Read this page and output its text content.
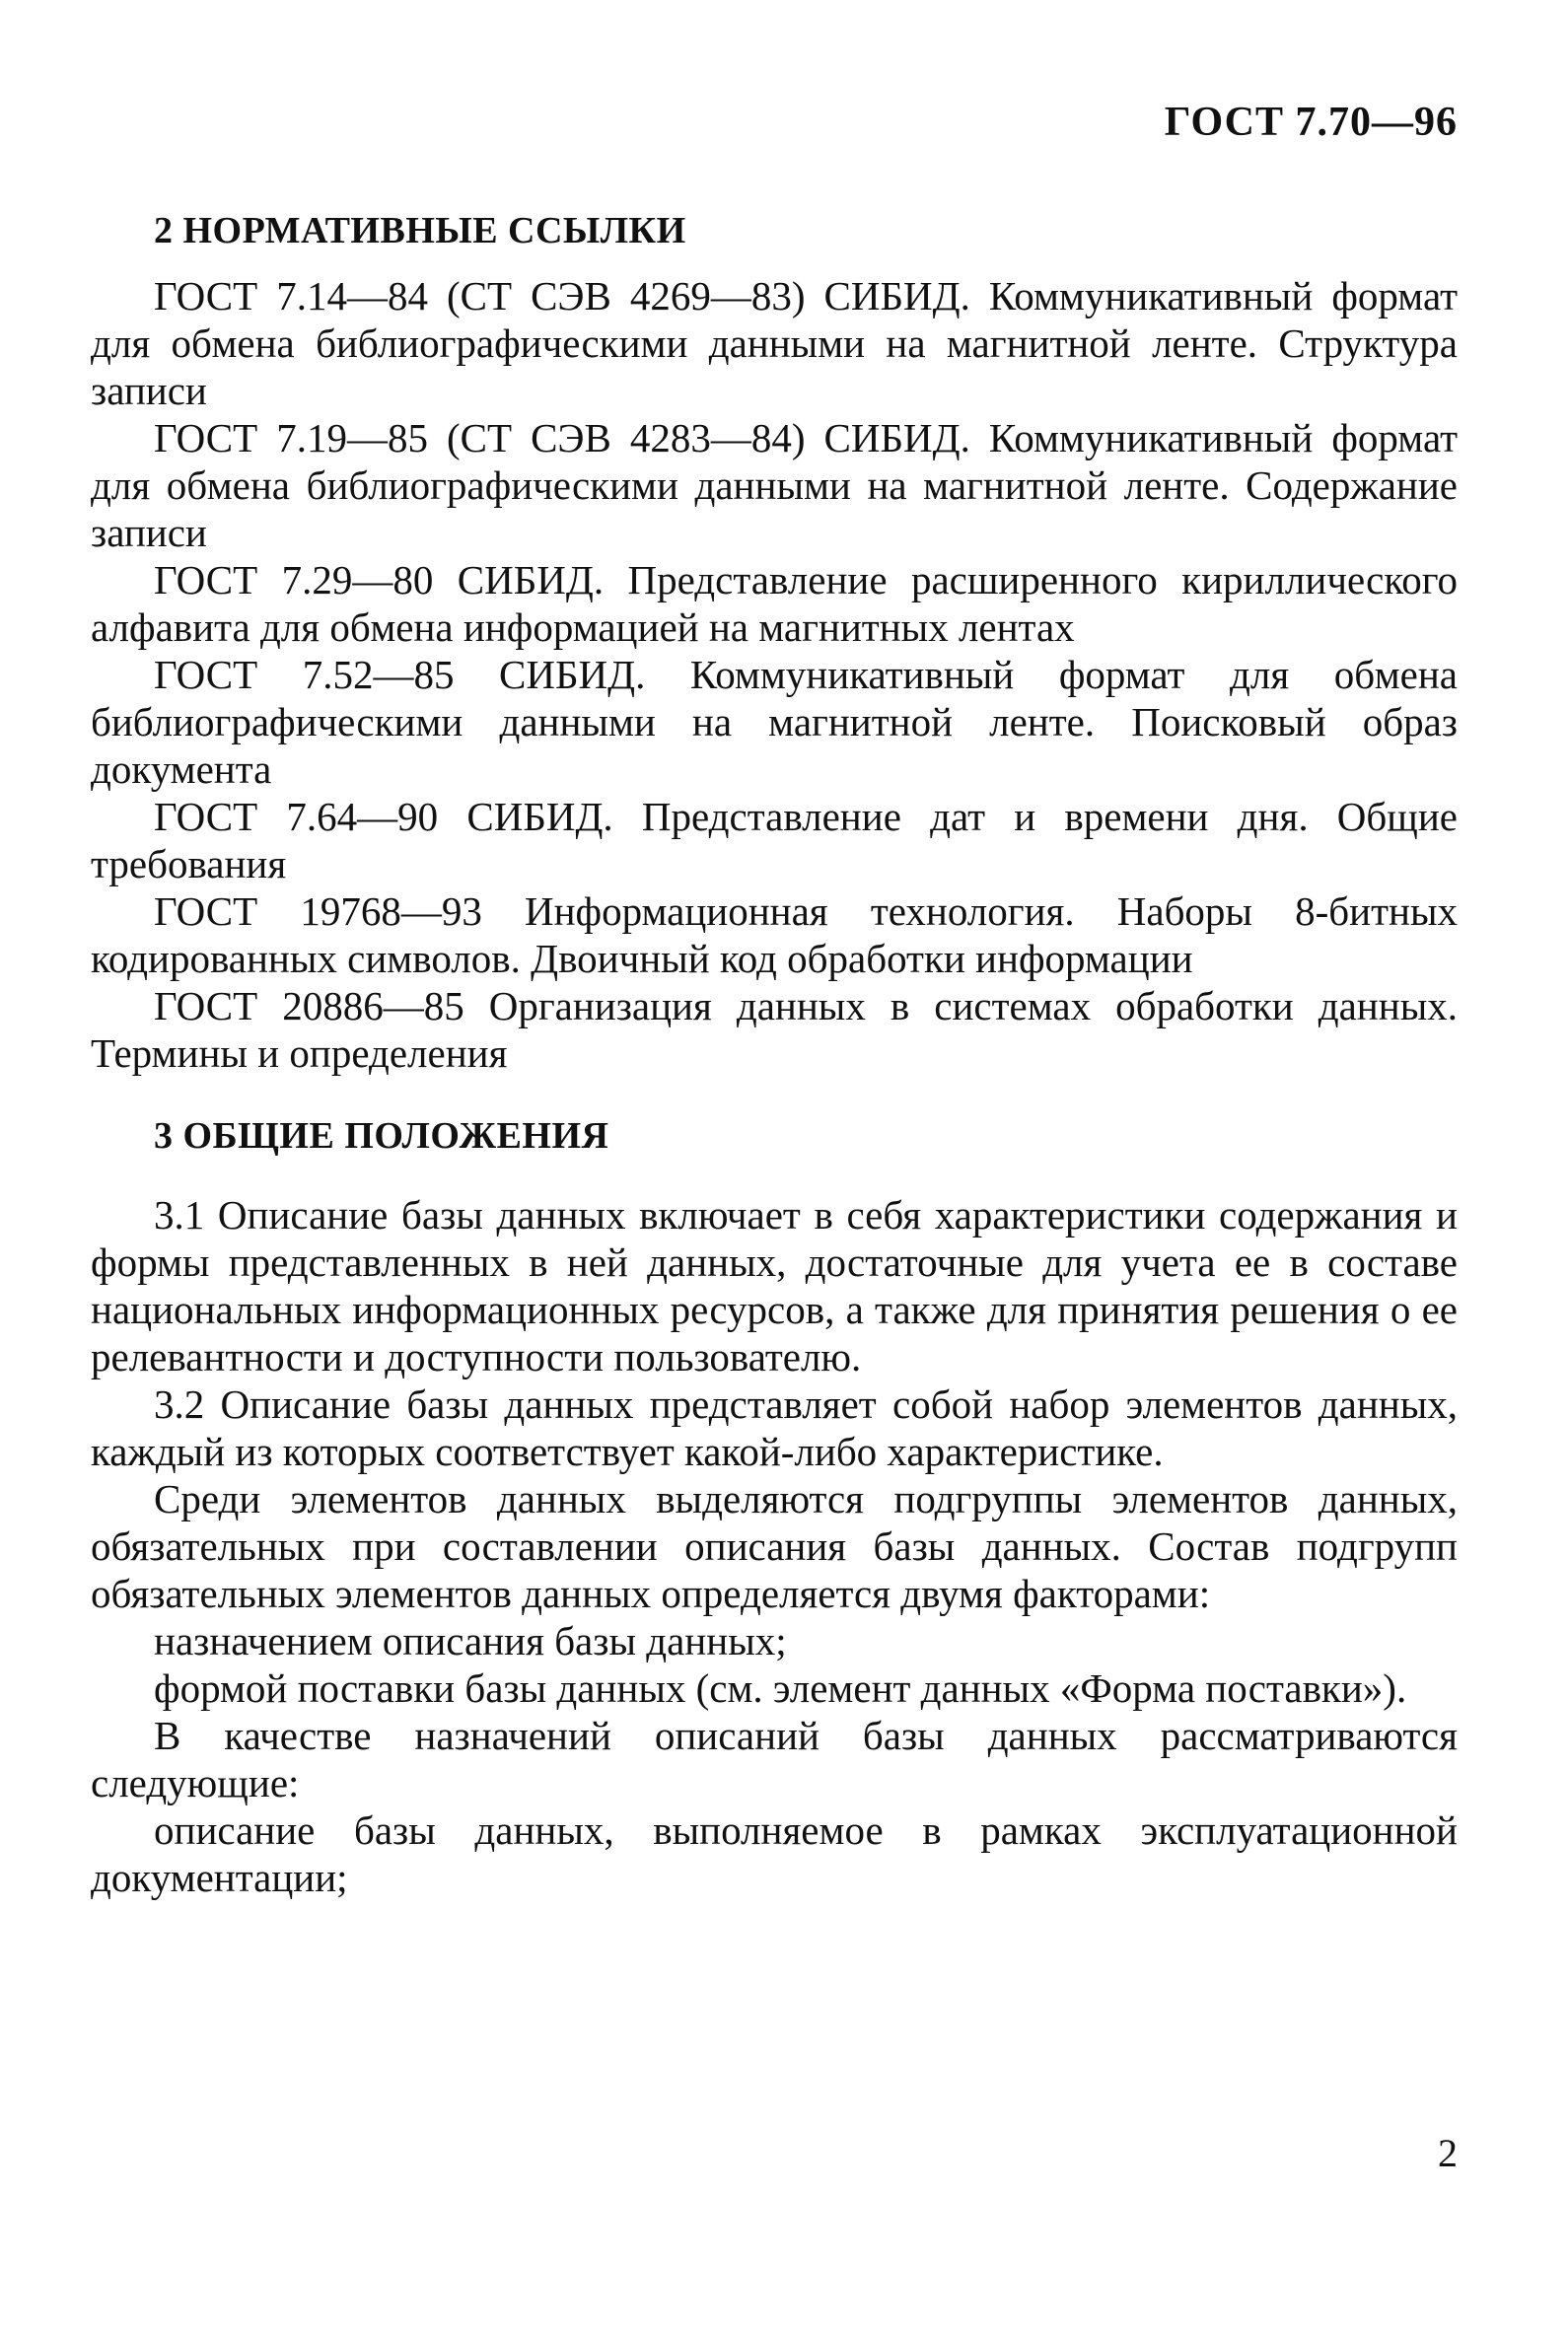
ГОСТ 7.70—96
2 НОРМАТИВНЫЕ ССЫЛКИ

ГОСТ 7.14—84 (СТ СЭВ 4269—83) СИБИД. Коммуникативный формат для обмена библиографическими данными на магнитной ленте. Структура записи

ГОСТ 7.19—85 (СТ СЭВ 4283—84) СИБИД. Коммуникативный формат для обмена библиографическими данными на магнитной ленте. Содержание записи

ГОСТ 7.29—80 СИБИД. Представление расширенного кириллического алфавита для обмена информацией на магнитных лентах

ГОСТ 7.52—85 СИБИД. Коммуникативный формат для обмена библиографическими данными на магнитной ленте. Поисковый образ документа

ГОСТ 7.64—90 СИБИД. Представление дат и времени дня. Общие требования

ГОСТ 19768—93 Информационная технология. Наборы 8-битных кодированных символов. Двоичный код обработки информации

ГОСТ 20886—85 Организация данных в системах обработки данных. Термины и определения

3 ОБЩИЕ ПОЛОЖЕНИЯ

3.1 Описание базы данных включает в себя характеристики содержания и формы представленных в ней данных, достаточные для учета ее в составе национальных информационных ресурсов, а также для принятия решения о ее релевантности и доступности пользователю.

3.2 Описание базы данных представляет собой набор элементов данных, каждый из которых соответствует какой-либо характеристике.

Среди элементов данных выделяются подгруппы элементов данных, обязательных при составлении описания базы данных. Состав подгрупп обязательных элементов данных определяется двумя факторами:

назначением описания базы данных;

формой поставки базы данных (см. элемент данных «Форма поставки»).

В качестве назначений описаний базы данных рассматриваются следующие:

описание базы данных, выполняемое в рамках эксплуатационной документации;

2
